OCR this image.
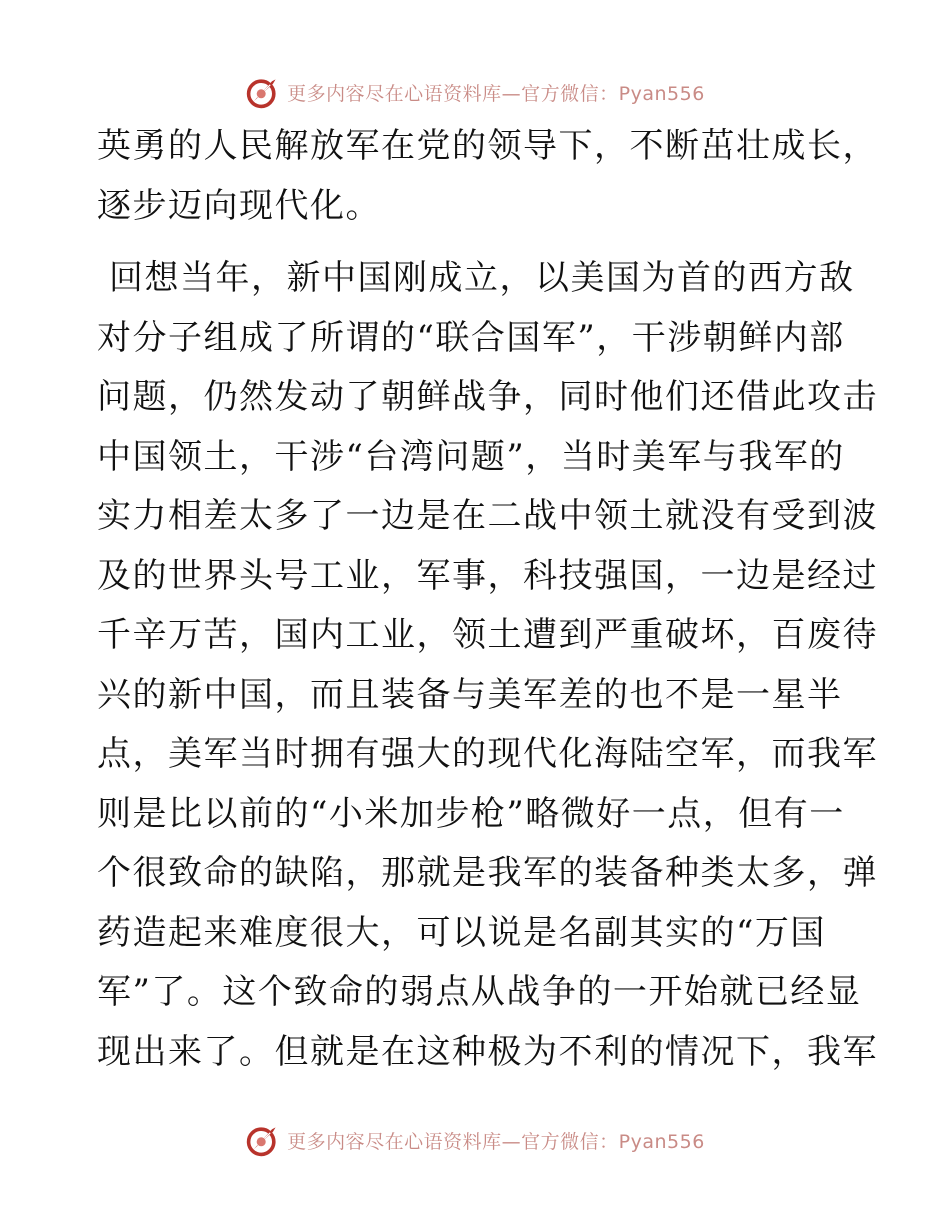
更多内容尽在心语资料库—官方微信：Pyan556
英勇的人民解放军在党的领导下，不断茁壮成长，
逐步迈向现代化。
回想当年，新中国刚成立，以美国为首的西方敌
对分子组成了所谓的“联合国军”，干涉朝鲜内部
问题，仍然发动了朝鲜战争，同时他们还借此攻击
中国领土，干涉“台湾问题”，当时美军与我军的
实力相差太多了一边是在二战中领土就没有受到波
及的世界头号工业，军事，科技强国，一边是经过
千辛万苦，国内工业，领土遭到严重破坏，百废待
兴的新中国，而且装备与美军差的也不是一星半
点，美军当时拥有强大的现代化海陆空军，而我军
则是比以前的“小米加步枪”略微好一点，但有一
个很致命的缺陷，那就是我军的装备种类太多，弹
药造起来难度很大，可以说是名副其实的“万国
军”了。这个致命的弱点从战争的一开始就已经显
现出来了。但就是在这种极为不利的情况下，我军
更多内容尽在心语资料库—官方微信：Pyan556
